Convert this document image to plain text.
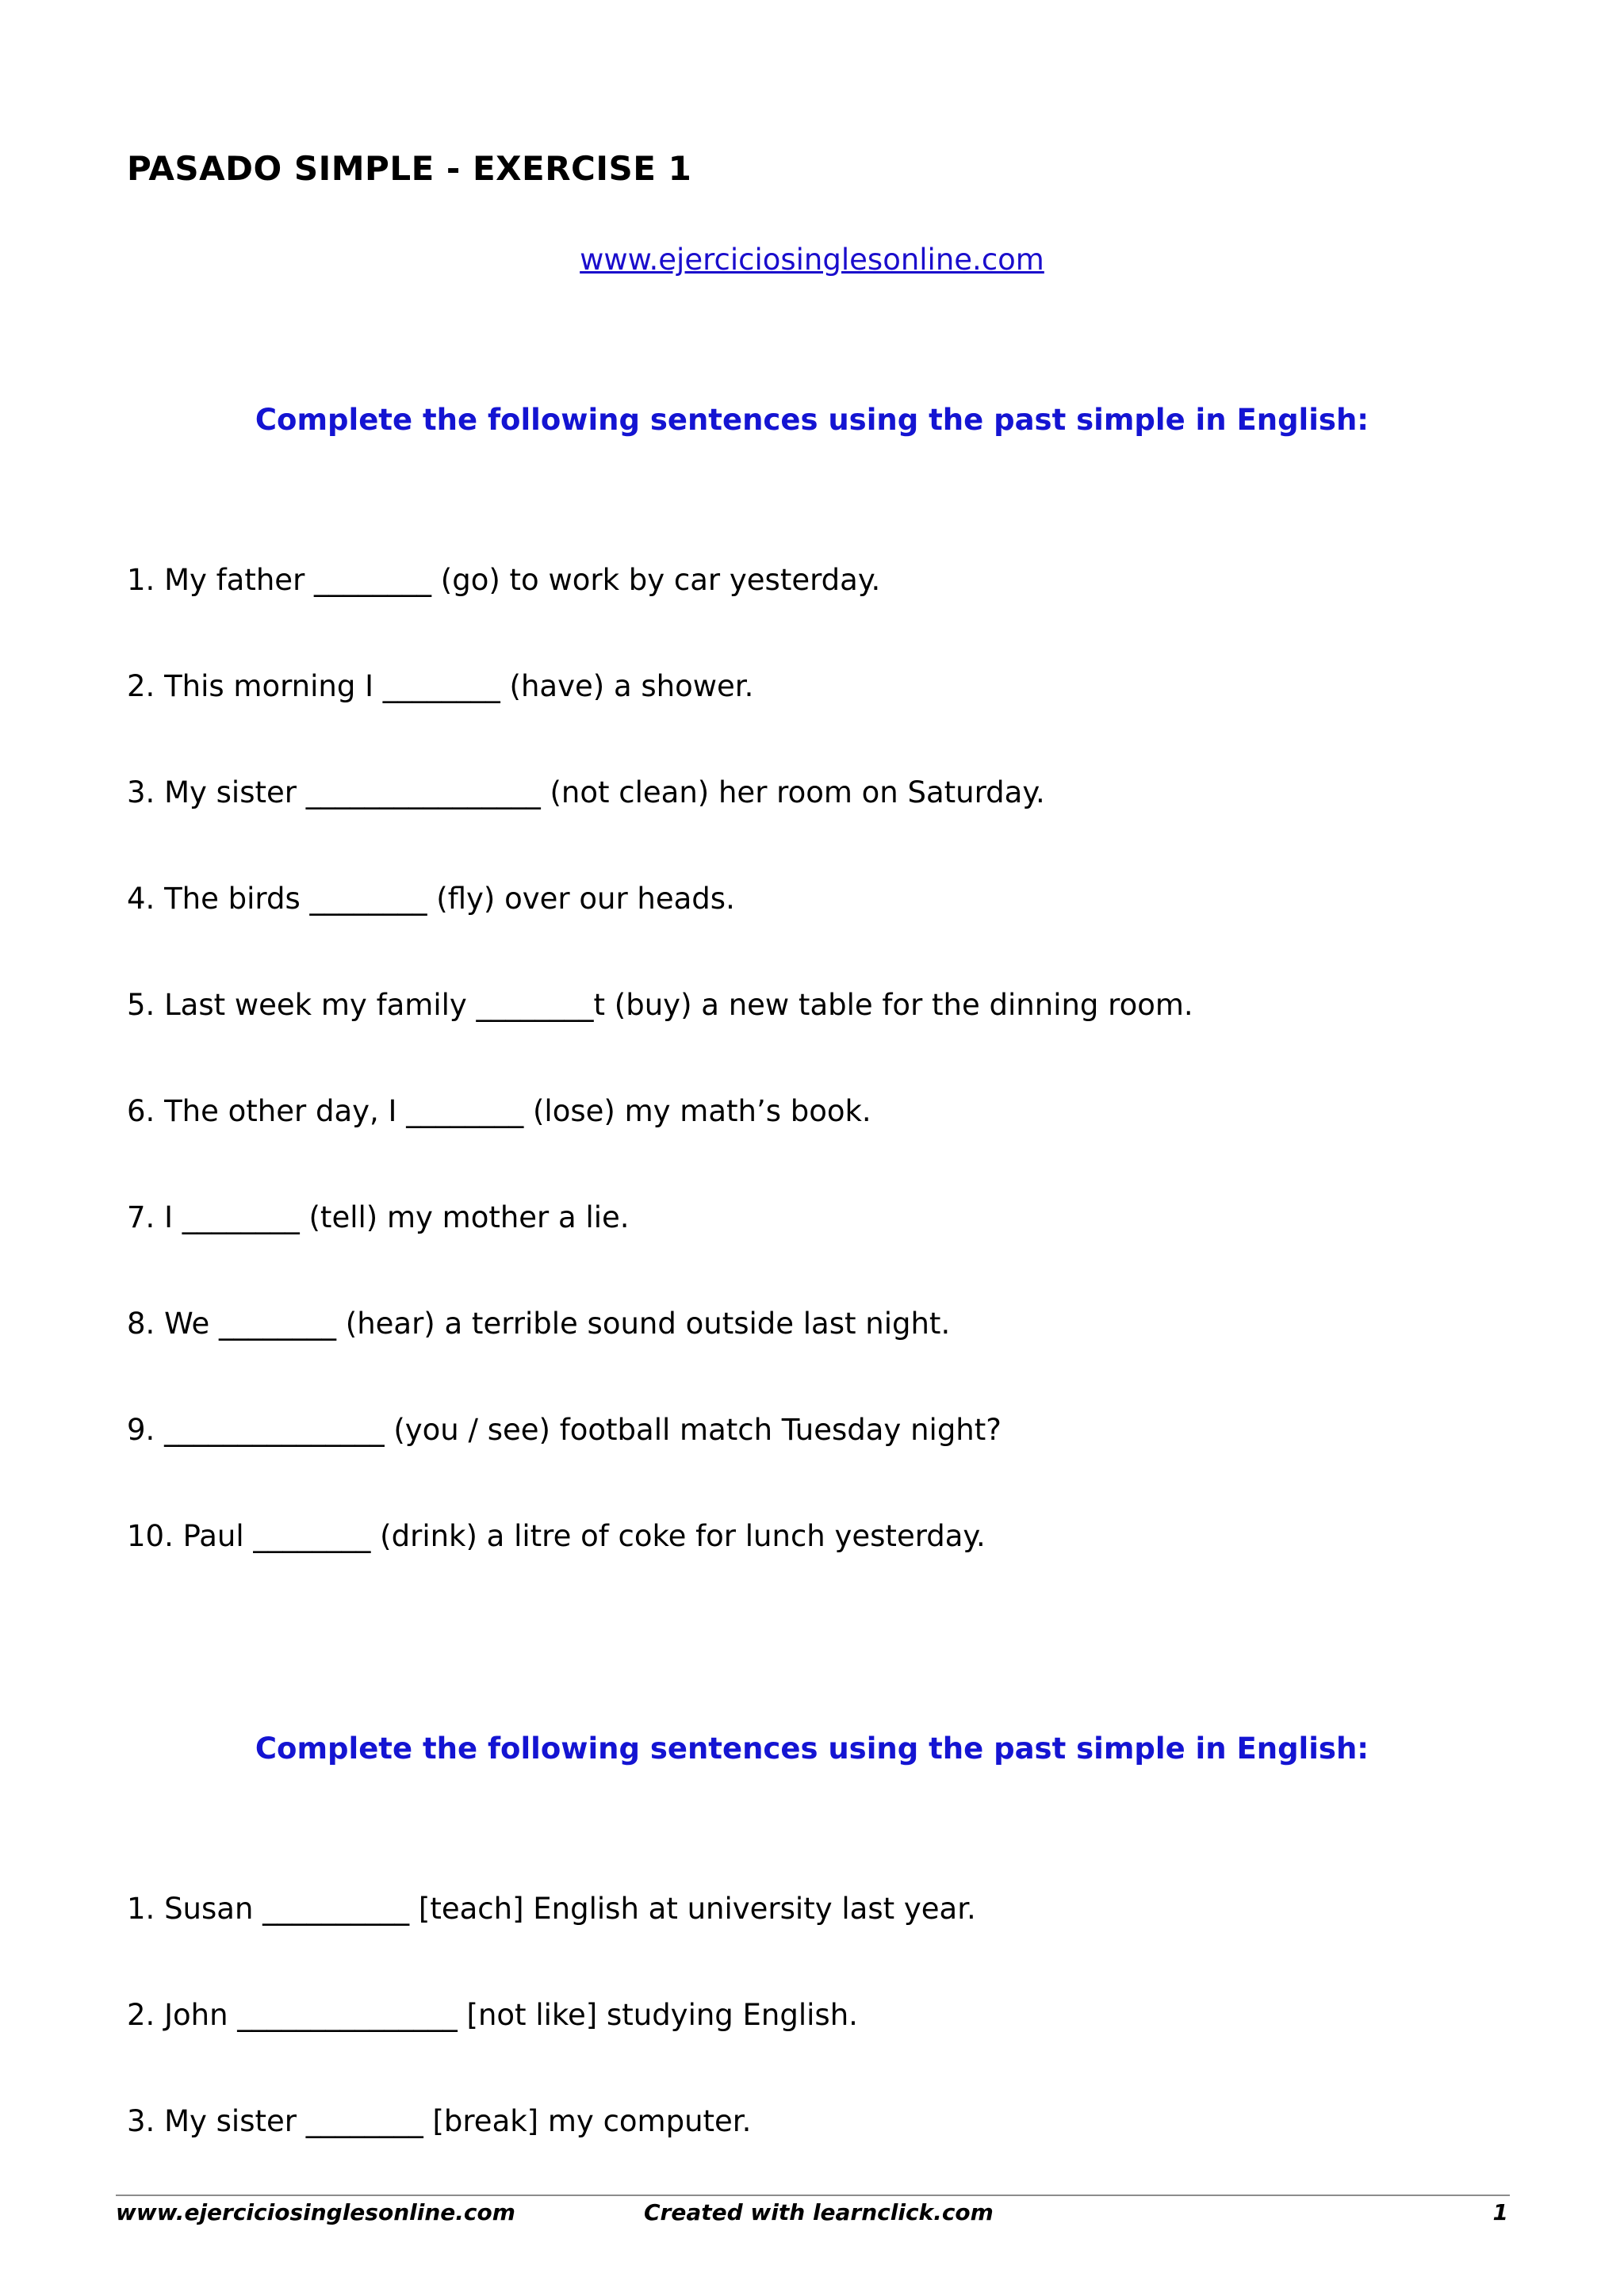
PASADO SIMPLE - EXERCISE 1
www.ejerciciosinglesonline.com

Complete the following sentences using the past simple in English:

1. My father ________ (go) to work by car yesterday.
2. This morning I ________ (have) a shower.
3. My sister ________________ (not clean) her room on Saturday.
4. The birds ________ (fly) over our heads.
5. Last week my family ________t (buy) a new table for the dinning room.
6. The other day, I ________ (lose) my math’s book.
7. I ________ (tell) my mother a lie.
8. We ________ (hear) a terrible sound outside last night.
9. _______________ (you / see) football match Tuesday night?
10. Paul ________ (drink) a litre of coke for lunch yesterday.

Complete the following sentences using the past simple in English:

1. Susan __________ [teach] English at university last year.
2. John _______________ [not like] studying English.
3. My sister ________ [break] my computer.
www.ejerciciosinglesonline.com	Created with learnclick.com	1
